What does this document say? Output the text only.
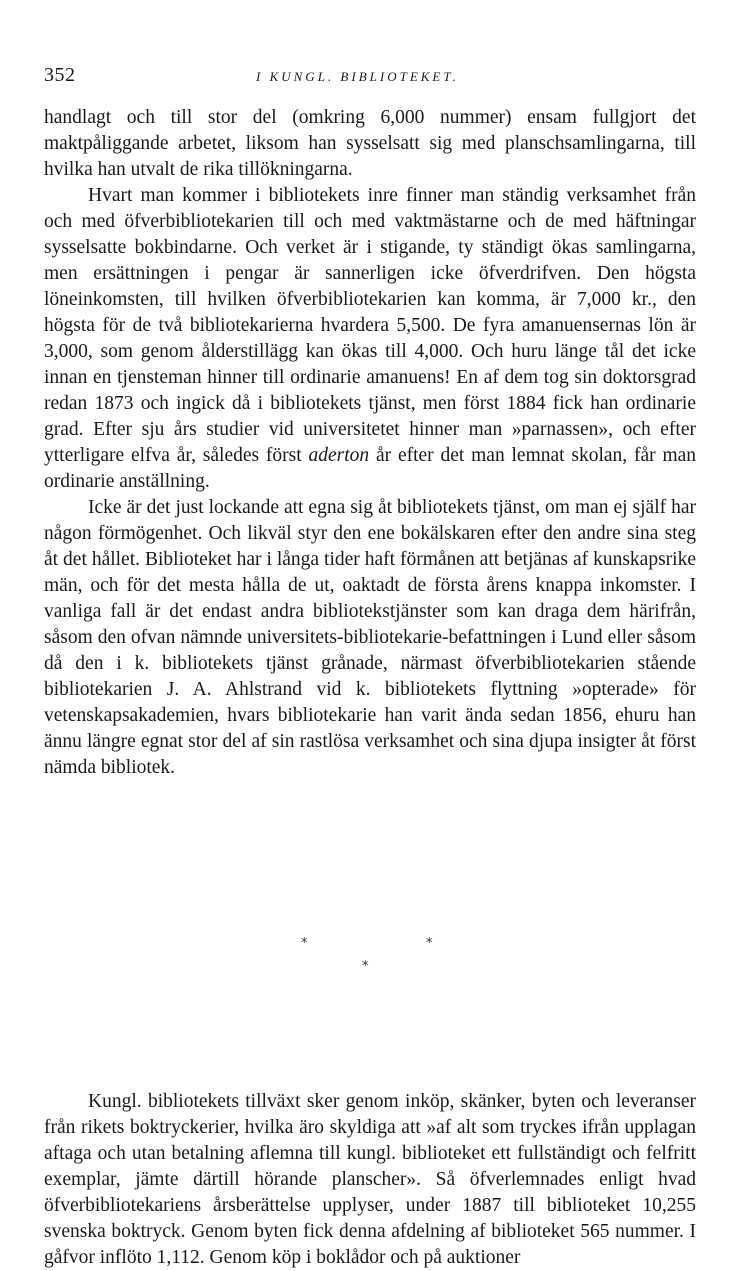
352	I KUNGL. BIBLIOTEKET.

handlagt och till stor del (omkring 6,000 nummer) ensam fullgjort det maktpåliggande arbetet, liksom han sysselsatt sig med planschsamlingarna, till hvilka han utvalt de rika tillökningarna.

Hvart man kommer i bibliotekets inre finner man ständig verksamhet från och med öfverbibliotekarien till och med vaktmästarne och de med häftningar sysselsatte bokbindarne. Och verket är i stigande, ty ständigt ökas samlingarna, men ersättningen i pengar är sannerligen icke öfverdrifven. Den högsta löneinkomsten, till hvilken öfverbibliotekarien kan komma, är 7,000 kr., den högsta för de två bibliotekarierna hvardera 5,500. De fyra amanuensernas lön är 3,000, som genom ålderstillägg kan ökas till 4,000. Och huru länge tål det icke innan en tjensteman hinner till ordinarie amanuens! En af dem tog sin doktorsgrad redan 1873 och ingick då i bibliotekets tjänst, men först 1884 fick han ordinarie grad. Efter sju års studier vid universitetet hinner man »parnassen», och efter ytterligare elfva år, således först aderton år efter det man lemnat skolan, får man ordinarie anställning.

Icke är det just lockande att egna sig åt bibliotekets tjänst, om man ej själf har någon förmögenhet. Och likväl styr den ene bokälskaren efter den andre sina steg åt det hållet. Biblioteket har i långa tider haft förmånen att betjänas af kunskapsrike män, och för det mesta hålla de ut, oaktadt de första årens knappa inkomster. I vanliga fall är det endast andra bibliotekstjänster som kan draga dem härifrån, såsom den ofvan nämnde universitets-bibliotekarie-befattningen i Lund eller såsom då den i k. bibliotekets tjänst grånade, närmast öfverbibliotekarien stående bibliotekarien J. A. Ahlstrand vid k. bibliotekets flyttning »opterade» för vetenskapsakademien, hvars bibliotekarie han varit ända sedan 1856, ehuru han ännu längre egnat stor del af sin rastlösa verksamhet och sina djupa insigter åt först nämda bibliotek.

*	*
*

Kungl. bibliotekets tillväxt sker genom inköp, skänker, byten och leveranser från rikets boktryckerier, hvilka äro skyldiga att »af alt som tryckes ifrån upplagan aftaga och utan betalning aflemna till kungl. biblioteket ett fullständigt och felfritt exemplar, jämte därtill hörande planscher». Så öfverlemnades enligt hvad öfverbibliotekariens årsberättelse upplyser, under 1887 till biblioteket 10,255 svenska boktryck. Genom byten fick denna afdelning af biblioteket 565 nummer. I gåfvor inflöto 1,112. Genom köp i boklådor och på auktioner
